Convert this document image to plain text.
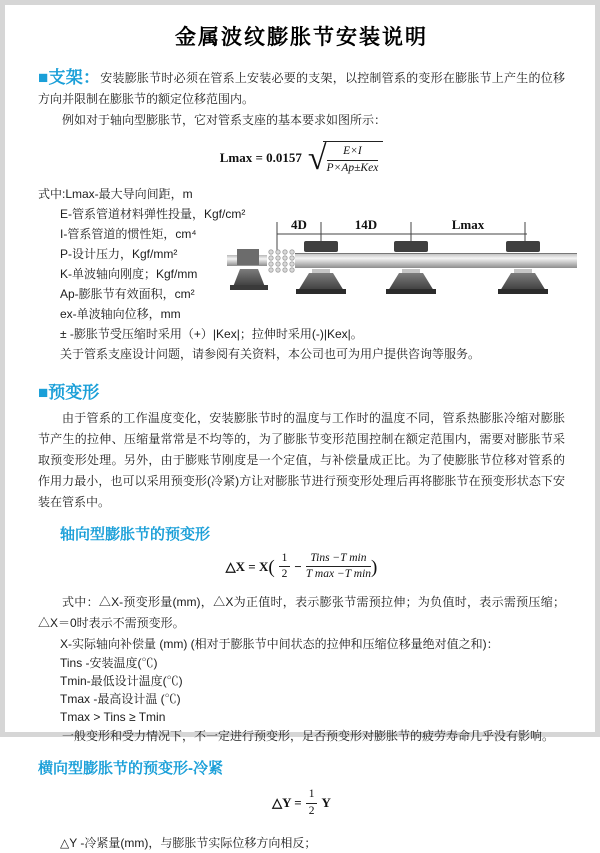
金属波纹膨胀节安装说明

■支架：安装膨胀节时必须在管系上安装必要的支架，以控制管系的变形在膨胀节上产生的位移方向并限制在膨胀节的额定位移范围内。

例如对于轴向型膨胀节，它对管系支座的基本要求如图所示：

Lmax = 0.0157 √ $\frac{E\times I}{\text{P×Ap±Kex}}$
式中:Lmax-最大导向间距，m
E-管系管道材料弹性投量，Kgf/cm²
I-管系管道的惯性矩，cm⁴
P-设计压力，Kgf/mm²
K-单波轴向刚度；Kgf/mm
Ap-膨胀节有效面积，cm²
ex-单波轴向位移，mm
± -膨胀节受压缩时采用（+）|Kex|；拉伸时采用(-)|Kex|。
关于管系支座设计问题，请参阅有关资料，本公司也可为用户提供咨询等服务。
4D	14D	Lmax
■预变形

由于管系的工作温度变化，安装膨胀节时的温度与工作时的温度不同，管系热膨胀冷缩对膨胀节产生的拉伸、压缩量常常是不均等的，为了膨胀节变形范围控制在额定范围内，需要对膨胀节采取预变形处理。另外，由于膨账节刚度是一个定值，与补偿量成正比。为了使膨胀节位移对管系的作用力最小，也可以采用预变形(冷紧)方让对膨胀节进行预变形处理后再将膨胀节在预变形状态下安装在管系中。

轴向型膨胀节的预变形
△X = $X( \frac{1}{2} - \frac{\text{Tins −T min}}{\text{T max −T min}}$ )

式中：△X-预变形量(mm)，△X为正值时，表示膨张节需预拉伸；为负值时，表示需预压缩；△X＝0时表示不需预变形。

X-实际轴向补偿量 (mm) (相对于膨胀节中间状态的拉伸和压缩位移量绝对值之和)：
Tins -安装温度(℃)
Tmin-最低设计温度(℃)
Tmax -最高设计温 (℃)
Tmax > Tins ≥ Tmin

一般变形和受力情况下，不一定进行预变形，足否预变形对膨胀节的疲劳寿命几乎没有影响。

横向型膨胀节的预变形-冷紧
△Y = $\frac{1}{2}$ Y
△Y -冷紧量(mm)，与膨胀节实际位移方向相反；
